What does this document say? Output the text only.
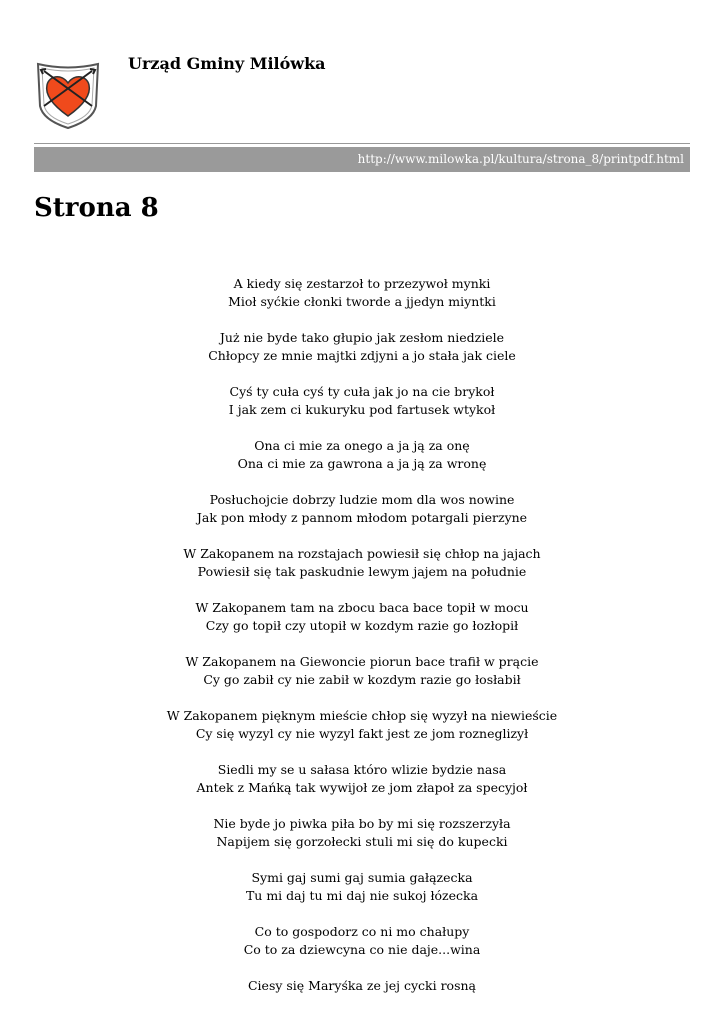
Urząd Gminy Milówka
http://www.milowka.pl/kultura/strona_8/printpdf.html
Strona 8
A kiedy się zestarzoł to przezywoł mynki
Mioł syćkie cłonki tworde a jjedyn miyntki
Już nie byde tako głupio jak zesłom niedziele
Chłopcy ze mnie majtki zdjyni a jo stała jak ciele
Cyś ty cuła cyś ty cuła jak jo na cie brykoł
I jak zem ci kukuryku pod fartusek wtykoł
Ona ci mie za onego a ja ją za onę
Ona ci mie za gawrona a ja ją za wronę
Posłuchojcie dobrzy ludzie mom dla wos nowine
Jak pon młody z pannom młodom potargali pierzyne
W Zakopanem na rozstajach powiesił się chłop na jajach
Powiesił się tak paskudnie lewym jajem na południe
W Zakopanem tam na zbocu baca bace topił w mocu
Czy go topił czy utopił w kozdym razie go łozłopił
W Zakopanem na Giewoncie piorun bace trafił w prącie
Cy go zabił cy nie zabił w kozdym razie go łosłabił
W Zakopanem pięknym mieście chłop się wyzył na niewieście
Cy się wyzyl cy nie wyzyl fakt jest ze jom rozneglizył
Siedli my se u sałasa któro wlizie bydzie nasa
Antek z Mańką tak wywijoł ze jom złapoł za specyjoł
Nie byde jo piwka piła bo by mi się rozszerzyła
Napijem się gorzołecki stuli mi się do kupecki
Symi gaj sumi gaj sumia gałązecka
Tu mi daj tu mi daj nie sukoj łózecka
Co to gospodorz co ni mo chałupy
Co to za dziewcyna co nie daje...wina
Ciesy się Maryśka ze jej cycki rosną
